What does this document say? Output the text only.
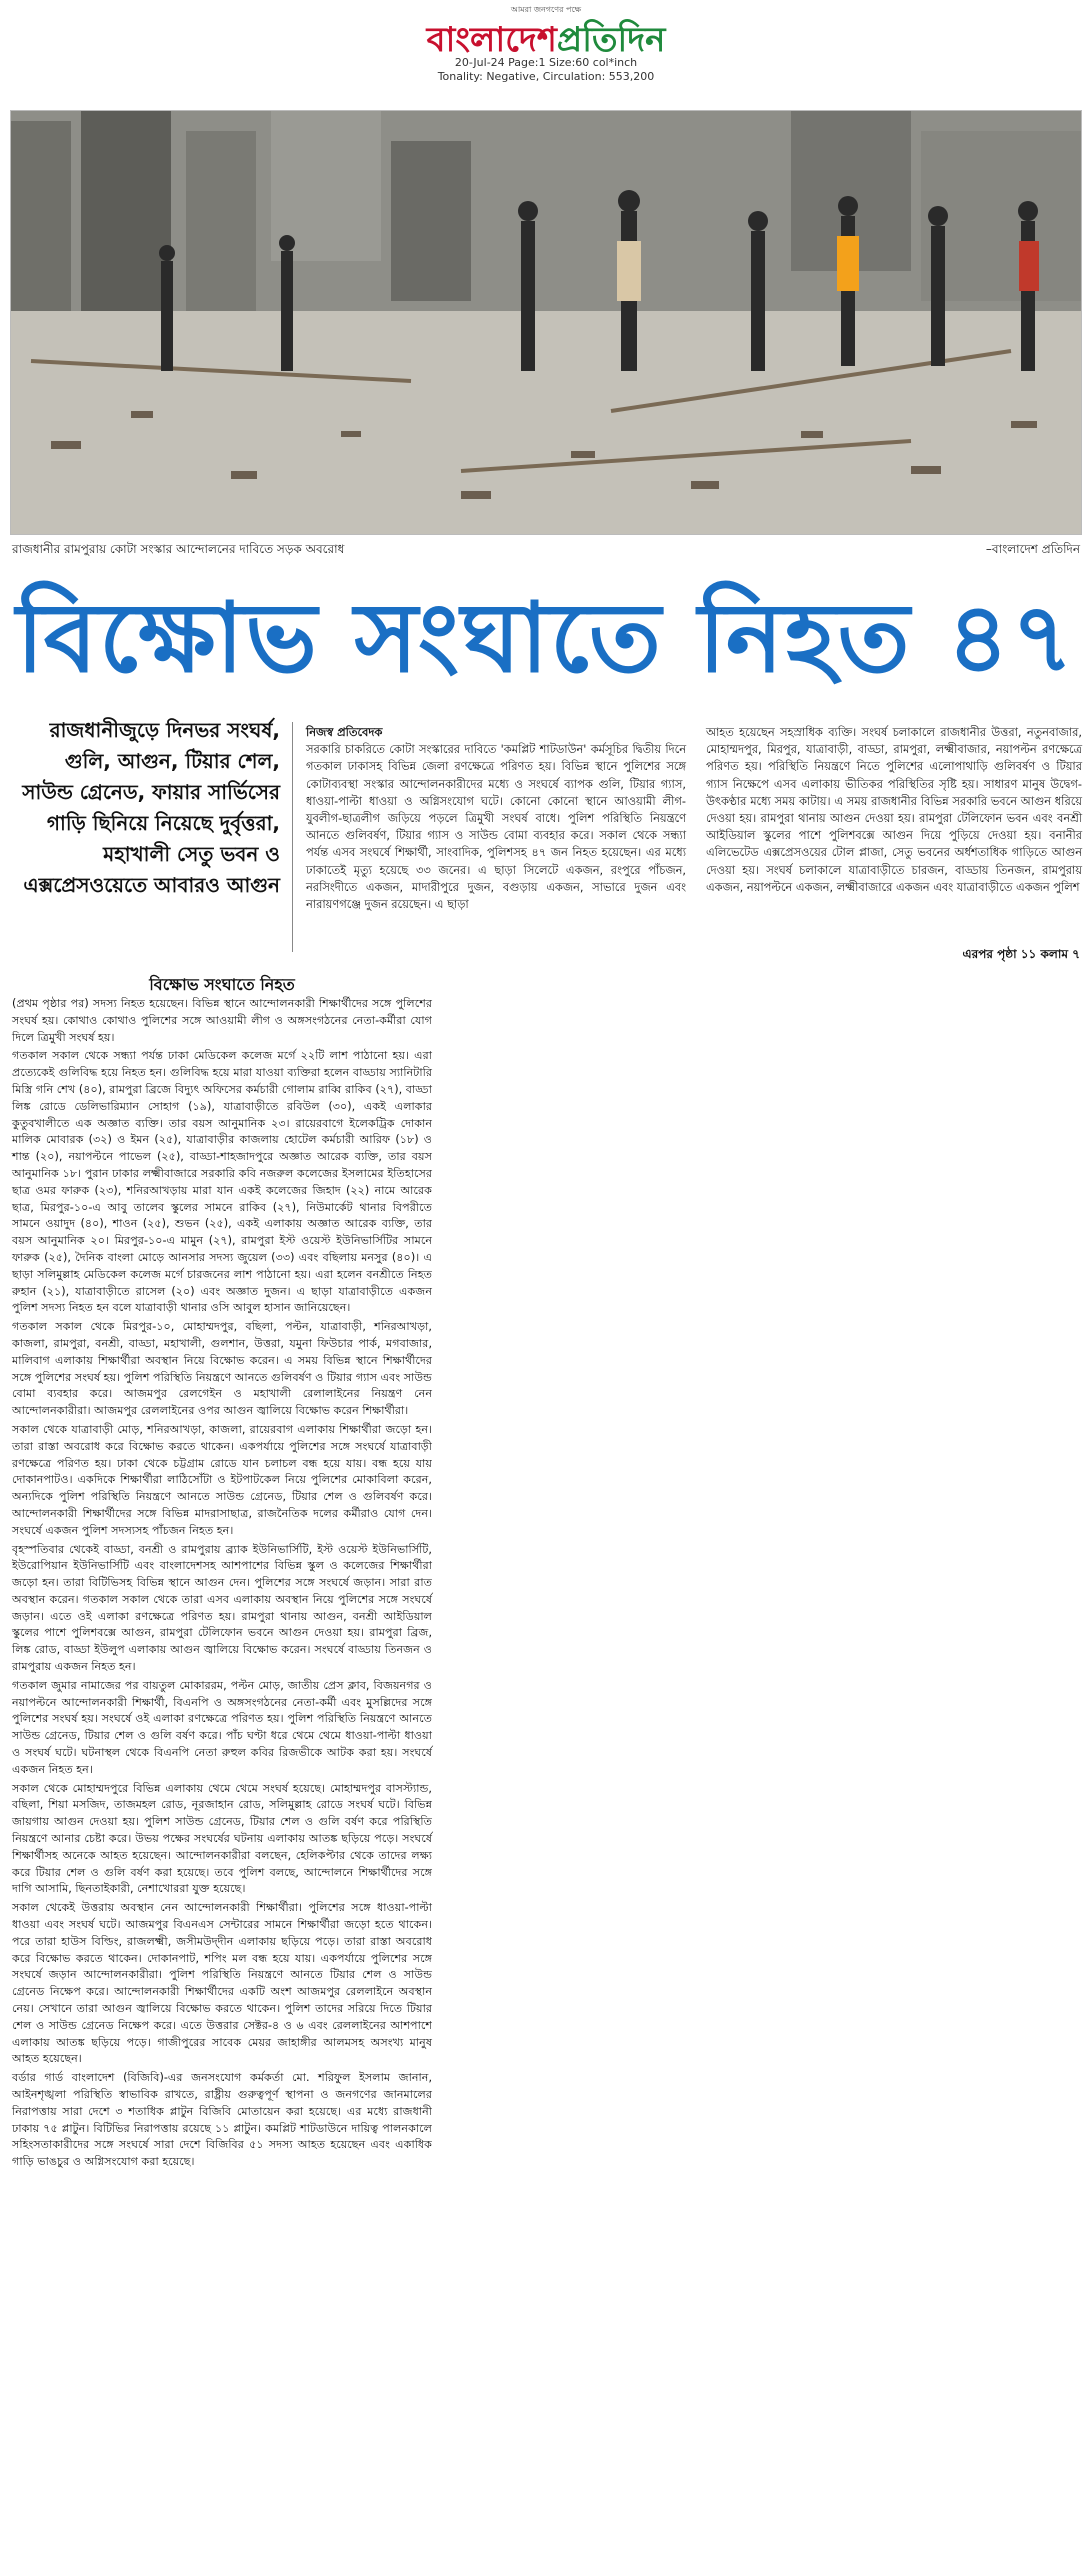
আমরা জনগণের পক্ষে
বাংলাদেশপ্রতিদিন
20-Jul-24 Page:1 Size:60 col*inch
Tonality: Negative, Circulation: 553,200
রাজধানীর রামপুরায় কোটা সংস্কার আন্দোলনের দাবিতে সড়ক অবরোধ	–বাংলাদেশ প্রতিদিন
বিক্ষোভ সংঘাতে নিহত ৪৭
রাজধানীজুড়ে দিনভর সংঘর্ষ, গুলি, আগুন, টিয়ার শেল, সাউন্ড গ্রেনেড, ফায়ার সার্ভিসের গাড়ি ছিনিয়ে নিয়েছে দুর্বৃত্তরা, মহাখালী সেতু ভবন ও এক্সপ্রেসওয়েতে আবারও আগুন

নিজস্ব প্রতিবেদক

সরকারি চাকরিতে কোটা সংস্কারের দাবিতে 'কমপ্লিট শাটডাউন' কর্মসূচির দ্বিতীয় দিনে গতকাল ঢাকাসহ বিভিন্ন জেলা রণক্ষেত্রে পরিণত হয়। বিভিন্ন স্থানে পুলিশের সঙ্গে কোটাব্যবস্থা সংস্কার আন্দোলনকারীদের মধ্যে ও সংঘর্ষে ব্যাপক গুলি, টিয়ার গ্যাস, ধাওয়া-পাল্টা ধাওয়া ও অগ্নিসংযোগ ঘটে। কোনো কোনো স্থানে আওয়ামী লীগ-যুবলীগ-ছাত্রলীগ জড়িয়ে পড়লে ত্রিমুখী সংঘর্ষ বাধে। পুলিশ পরিস্থিতি নিয়ন্ত্রণে আনতে গুলিবর্ষণ, টিয়ার গ্যাস ও সাউন্ড বোমা ব্যবহার করে। সকাল থেকে সন্ধ্যা পর্যন্ত এসব সংঘর্ষে শিক্ষার্থী, সাংবাদিক, পুলিশসহ ৪৭ জন নিহত হয়েছেন। এর মধ্যে ঢাকাতেই মৃত্যু হয়েছে ৩৩ জনের। এ ছাড়া সিলেটে একজন, রংপুরে পাঁচজন, নরসিংদীতে একজন, মাদারীপুরে দুজন, বগুড়ায় একজন, সাভারে দুজন এবং নারায়ণগঞ্জে দুজন রয়েছেন। এ ছাড়া

আহত হয়েছেন সহস্রাধিক ব্যক্তি। সংঘর্ষ চলাকালে রাজধানীর উত্তরা, নতুনবাজার, মোহাম্মদপুর, মিরপুর, যাত্রাবাড়ী, বাড্ডা, রামপুরা, লক্ষ্মীবাজার, নয়াপল্টন রণক্ষেত্রে পরিণত হয়। পরিস্থিতি নিয়ন্ত্রণে নিতে পুলিশের এলোপাথাড়ি গুলিবর্ষণ ও টিয়ার গ্যাস নিক্ষেপে এসব এলাকায় ভীতিকর পরিস্থিতির সৃষ্টি হয়। সাধারণ মানুষ উদ্বেগ-উৎকণ্ঠার মধ্যে সময় কাটায়। এ সময় রাজধানীর বিভিন্ন সরকারি ভবনে আগুন ধরিয়ে দেওয়া হয়। রামপুরা থানায় আগুন দেওয়া হয়। রামপুরা টেলিফোন ভবন এবং বনশ্রী আইডিয়াল স্কুলের পাশে পুলিশবক্সে আগুন দিয়ে পুড়িয়ে দেওয়া হয়। বনানীর এলিভেটেড এক্সপ্রেসওয়ের টোল প্লাজা, সেতু ভবনের অর্ধশতাধিক গাড়িতে আগুন দেওয়া হয়। সংঘর্ষ চলাকালে যাত্রাবাড়ীতে চারজন, বাড্ডায় তিনজন, রামপুরায় একজন, নয়াপল্টনে একজন, লক্ষ্মীবাজারে একজন এবং যাত্রাবাড়ীতে একজন পুলিশ

এরপর পৃষ্ঠা ১১ কলাম ৭
বিক্ষোভ সংঘাতে নিহত

(প্রথম পৃষ্ঠার পর) সদস্য নিহত হয়েছেন। বিভিন্ন স্থানে আন্দোলনকারী শিক্ষার্থীদের সঙ্গে পুলিশের সংঘর্ষ হয়। কোথাও কোথাও পুলিশের সঙ্গে আওয়ামী লীগ ও অঙ্গসংগঠনের নেতা-কর্মীরা যোগ দিলে ত্রিমুখী সংঘর্ষ হয়।

গতকাল সকাল থেকে সন্ধ্যা পর্যন্ত ঢাকা মেডিকেল কলেজ মর্গে ২২টি লাশ পাঠানো হয়। এরা প্রত্যেকেই গুলিবিদ্ধ হয়ে নিহত হন। গুলিবিদ্ধ হয়ে মারা যাওয়া ব্যক্তিরা হলেন বাড্ডায় স্যানিটারি মিস্ত্রি গনি শেখ (৪০), রামপুরা ব্রিজে বিদ্যুৎ অফিসের কর্মচারী গোলাম রাব্বি রাকিব (২৭), বাড্ডা লিঙ্ক রোডে ডেলিভারিম্যান সোহাগ (১৯), যাত্রাবাড়ীতে রবিউল (৩০), একই এলাকার কুতুবখালীতে এক অজ্ঞাত ব্যক্তি। তার বয়স আনুমানিক ২৩। রায়েরবাগে ইলেকট্রিক দোকান মালিক মোবারক (৩২) ও ইমন (২৫), যাত্রাবাড়ীর কাজলায় হোটেল কর্মচারী আরিফ (১৮) ও শান্ত (২০), নয়াপল্টনে পাভেল (২৫), বাড্ডা-শাহজাদপুরে অজ্ঞাত আরেক ব্যক্তি, তার বয়স আনুমানিক ১৮। পুরান ঢাকার লক্ষ্মীবাজারে সরকারি কবি নজরুল কলেজের ইসলামের ইতিহাসের ছাত্র ওমর ফারুক (২৩), শনিরআখড়ায় মারা যান একই কলেজের জিহাদ (২২) নামে আরেক ছাত্র, মিরপুর-১০-এ আবু তালেব স্কুলের সামনে রাকিব (২৭), নিউমার্কেট থানার বিপরীতে সামনে ওয়াদুদ (৪০), শাওন (২৫), শুভন (২৫), একই এলাকায় অজ্ঞাত আরেক ব্যক্তি, তার বয়স আনুমানিক ২০। মিরপুর-১০-এ মামুন (২৭), রামপুরা ইস্ট ওয়েস্ট ইউনিভার্সিটির সামনে ফারুক (২৫), দৈনিক বাংলা মোড়ে আনসার সদস্য জুয়েল (৩৩) এবং বছিলায় মনসুর (৪০)। এ ছাড়া সলিমুল্লাহ মেডিকেল কলেজ মর্গে চারজনের লাশ পাঠানো হয়। এরা হলেন বনশ্রীতে নিহত রুহান (২১), যাত্রাবাড়ীতে রাসেল (২০) এবং অজ্ঞাত দুজন। এ ছাড়া যাত্রাবাড়ীতে একজন পুলিশ সদস্য নিহত হন বলে যাত্রাবাড়ী থানার ওসি আবুল হাসান জানিয়েছেন।

গতকাল সকাল থেকে মিরপুর-১০, মোহাম্মদপুর, বছিলা, পল্টন, যাত্রাবাড়ী, শনিরআখড়া, কাজলা, রামপুরা, বনশ্রী, বাড্ডা, মহাখালী, গুলশান, উত্তরা, যমুনা ফিউচার পার্ক, মগবাজার, মালিবাগ এলাকায় শিক্ষার্থীরা অবস্থান নিয়ে বিক্ষোভ করেন। এ সময় বিভিন্ন স্থানে শিক্ষার্থীদের সঙ্গে পুলিশের সংঘর্ষ হয়। পুলিশ পরিস্থিতি নিয়ন্ত্রণে আনতে গুলিবর্ষণ ও টিয়ার গ্যাস এবং সাউন্ড বোমা ব্যবহার করে। আজমপুর রেলগেইন ও মহাখালী রেলালাইনের নিয়ন্ত্রণ নেন আন্দোলনকারীরা। আজমপুর রেললাইনের ওপর আগুন জ্বালিয়ে বিক্ষোভ করেন শিক্ষার্থীরা।

সকাল থেকে যাত্রাবাড়ী মোড়, শনিরআখড়া, কাজলা, রায়েরবাগ এলাকায় শিক্ষার্থীরা জড়ো হন। তারা রাস্তা অবরোধ করে বিক্ষোভ করতে থাকেন। একপর্যায়ে পুলিশের সঙ্গে সংঘর্ষে যাত্রাবাড়ী রণক্ষেত্রে পরিণত হয়। ঢাকা থেকে চট্টগ্রাম রোডে যান চলাচল বন্ধ হয়ে যায়। বন্ধ হয়ে যায় দোকানপাটও। একদিকে শিক্ষার্থীরা লাঠিসোঁটা ও ইটপাটকেল নিয়ে পুলিশের মোকাবিলা করেন, অন্যদিকে পুলিশ পরিস্থিতি নিয়ন্ত্রণে আনতে সাউন্ড গ্রেনেড, টিয়ার শেল ও গুলিবর্ষণ করে। আন্দোলনকারী শিক্ষার্থীদের সঙ্গে বিভিন্ন মাদরাসাছাত্র, রাজনৈতিক দলের কর্মীরাও যোগ দেন। সংঘর্ষে একজন পুলিশ সদস্যসহ পাঁচজন নিহত হন।

বৃহস্পতিবার থেকেই বাড্ডা, বনশ্রী ও রামপুরায় ব্র্যাক ইউনিভার্সিটি, ইস্ট ওয়েস্ট ইউনিভার্সিটি, ইউরোপিয়ান ইউনিভার্সিটি এবং বাংলাদেশসহ আশপাশের বিভিন্ন স্কুল ও কলেজের শিক্ষার্থীরা জড়ো হন। তারা বিটিভিসহ বিভিন্ন স্থানে আগুন দেন। পুলিশের সঙ্গে সংঘর্ষে জড়ান। সারা রাত অবস্থান করেন। গতকাল সকাল থেকে তারা এসব এলাকায় অবস্থান নিয়ে পুলিশের সঙ্গে সংঘর্ষে জড়ান। এতে ওই এলাকা রণক্ষেত্রে পরিণত হয়। রামপুরা থানায় আগুন, বনশ্রী আইডিয়াল স্কুলের পাশে পুলিশবক্সে আগুন, রামপুরা টেলিফোন ভবনে আগুন দেওয়া হয়। রামপুরা ব্রিজ, লিঙ্ক রোড, বাড্ডা ইউলুপ এলাকায় আগুন জ্বালিয়ে বিক্ষোভ করেন। সংঘর্ষে বাড্ডায় তিনজন ও রামপুরায় একজন নিহত হন।

গতকাল জুমার নামাজের পর বায়তুল মোকাররম, পল্টন মোড়, জাতীয় প্রেস ক্লাব, বিজয়নগর ও নয়াপল্টনে আন্দোলনকারী শিক্ষার্থী, বিএনপি ও অঙ্গসংগঠনের নেতা-কর্মী এবং মুসল্লিদের সঙ্গে পুলিশের সংঘর্ষ হয়। সংঘর্ষে ওই এলাকা রণক্ষেত্রে পরিণত হয়। পুলিশ পরিস্থিতি নিয়ন্ত্রণে আনতে সাউন্ড গ্রেনেড, টিয়ার শেল ও গুলি বর্ষণ করে। পাঁচ ঘণ্টা ধরে থেমে থেমে ধাওয়া-পাল্টা ধাওয়া ও সংঘর্ষ ঘটে। ঘটনাস্থল থেকে বিএনপি নেতা রুহুল কবির রিজভীকে আটক করা হয়। সংঘর্ষে একজন নিহত হন।

সকাল থেকে মোহাম্মদপুরে বিভিন্ন এলাকায় থেমে থেমে সংঘর্ষ হয়েছে। মোহাম্মদপুর বাসস্ট্যান্ড, বছিলা, শিয়া মসজিদ, তাজমহল রোড, নূরজাহান রোড, সলিমুল্লাহ রোডে সংঘর্ষ ঘটে। বিভিন্ন জায়গায় আগুন দেওয়া হয়। পুলিশ সাউন্ড গ্রেনেড, টিয়ার শেল ও গুলি বর্ষণ করে পরিস্থিতি নিয়ন্ত্রণে আনার চেষ্টা করে। উভয় পক্ষের সংঘর্ষের ঘটনায় এলাকায় আতঙ্ক ছড়িয়ে পড়ে। সংঘর্ষে শিক্ষার্থীসহ অনেকে আহত হয়েছেন। আন্দোলনকারীরা বলছেন, হেলিকপ্টার থেকে তাদের লক্ষ্য করে টিয়ার শেল ও গুলি বর্ষণ করা হয়েছে। তবে পুলিশ বলছে, আন্দোলনে শিক্ষার্থীদের সঙ্গে দাগি আসামি, ছিনতাইকারী, নেশাখোররা যুক্ত হয়েছে।

সকাল থেকেই উত্তরায় অবস্থান নেন আন্দোলনকারী শিক্ষার্থীরা। পুলিশের সঙ্গে ধাওয়া-পাল্টা ধাওয়া এবং সংঘর্ষ ঘটে। আজমপুর বিএনএস সেন্টারের সামনে শিক্ষার্থীরা জড়ো হতে থাকেন। পরে তারা হাউস বিল্ডিং, রাজলক্ষ্মী, জসীমউদ্‌দীন এলাকায় ছড়িয়ে পড়ে। তারা রাস্তা অবরোধ করে বিক্ষোভ করতে থাকেন। দোকানপাট, শপিং মল বন্ধ হয়ে যায়। একপর্যায়ে পুলিশের সঙ্গে সংঘর্ষে জড়ান আন্দোলনকারীরা। পুলিশ পরিস্থিতি নিয়ন্ত্রণে আনতে টিয়ার শেল ও সাউন্ড গ্রেনেড নিক্ষেপ করে। আন্দোলনকারী শিক্ষার্থীদের একটি অংশ আজমপুর রেললাইনে অবস্থান নেয়। সেখানে তারা আগুন জ্বালিয়ে বিক্ষোভ করতে থাকেন। পুলিশ তাদের সরিয়ে দিতে টিয়ার শেল ও সাউন্ড গ্রেনেড নিক্ষেপ করে। এতে উত্তরার সেক্টর-৪ ও ৬ এবং রেললাইনের আশপাশে এলাকায় আতঙ্ক ছড়িয়ে পড়ে। গাজীপুরের সাবেক মেয়র জাহাঙ্গীর আলমসহ অসংখ্য মানুষ আহত হয়েছেন।

বর্ডার গার্ড বাংলাদেশ (বিজিবি)-এর জনসংযোগ কর্মকর্তা মো. শরিফুল ইসলাম জানান, আইনশৃঙ্খলা পরিস্থিতি স্বাভাবিক রাখতে, রাষ্ট্রীয় গুরুত্বপূর্ণ স্থাপনা ও জনগণের জানমালের নিরাপত্তায় সারা দেশে ৩ শতাধিক প্লাটুন বিজিবি মোতায়েন করা হয়েছে। এর মধ্যে রাজধানী ঢাকায় ৭৫ প্লাটুন। বিটিভির নিরাপত্তায় রয়েছে ১১ প্লাটুন। কমপ্লিট শাটডাউনে দায়িত্ব পালনকালে সহিংসতাকারীদের সঙ্গে সংঘর্ষে সারা দেশে বিজিবির ৫১ সদস্য আহত হয়েছেন এবং একাধিক গাড়ি ভাঙচুর ও অগ্নিসংযোগ করা হয়েছে।
